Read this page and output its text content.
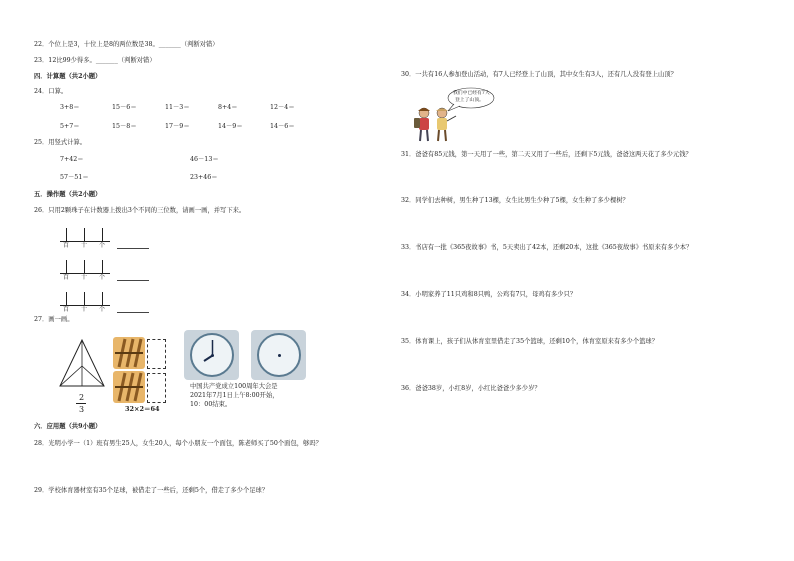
22．个位上是3，十位上是8的两位数是38。_______（判断对错）
23．12比99少得多。_______（判断对错）
四．计算题（共2小题）
24．口算。
3+8＝	15－6＝	11－3＝	8+4＝	12－4＝
5+7＝	15－8＝	17－9＝	14－9＝	14－6＝
25．用竖式计算。
7+42＝	46－13＝
57－51＝	23+46＝
五．操作题（共2小题）
26．只用2颗珠子在计数器上拨出3个不同的三位数，请画一画，并写下来。
百	十	个
百	十	个
百	十	个
27．画一画。
2
3	32×2＝64
中国共产党成立100周年大会是
2021年7月1日上午8:00开始，
10：00结束。
六．应用题（共9小题）
28．光明小学一（1）班有男生25人，女生20人，每个小朋友一个面包，陈老师买了50个面包，够吗？
29．学校体育器材室有35个足球，被借走了一些后，还剩5个，借走了多少个足球？
30．一共有16人参加登山活动，有7人已经登上了山顶，其中女生有3人，还有几人没有登上山顶？
我们中已经有7人
登上了山顶。
31．爸爸有85元钱，第一天用了一些，第二天又用了一些后，还剩下5元钱，爸爸这两天花了多少元钱？
32．同学们去种树，男生种了13棵，女生比男生少种了5棵，女生种了多少棵树？
33．书店有一批《365夜故事》书，5天卖出了42本，还剩20本，这批《365夜故事》书原来有多少本？
34．小明家养了11只鸡和8只鸭，公鸡有7只，母鸡有多少只？
35．体育课上，孩子们从体育室里借走了35个篮球，还剩10个，体育室原来有多少个篮球？
36．爸爸38岁，小红8岁，小红比爸爸少多少岁？
